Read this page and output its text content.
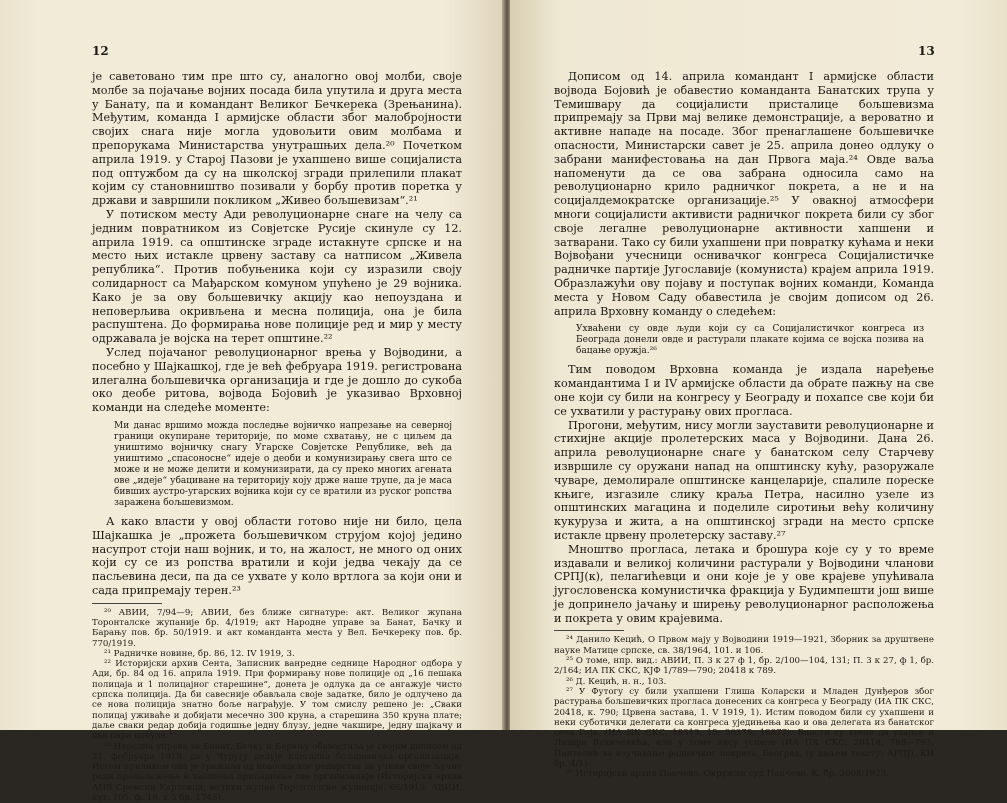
12

је саветовано тим пре што су, аналогно овој молби, своје молбе за појачање војних посада била упутила и друга места у Банату, па и командант Великог Бечкерека (Зрењанина). Међутим, команда I армијске области због малобројности својих снага није могла удовољити овим молбама и препорукама Министарства унутрашњих дела.²⁰ Почетком априла 1919. у Старој Пазови је ухапшено више социјалиста под оптужбом да су на школској згради прилепили плакат којим су становништво позивали у борбу против поретка у држави и завршили покликом „Живео бољшевизам“.²¹

У потиском месту Ади револуционарне снаге на челу са једним повратником из Совјетске Русије скинуле су 12. априла 1919. са општинске зграде истакнуте српске и на место њих истакле црвену заставу са натписом „Живела република“. Против побуњеника који су изразили своју солидарност са Мађарском комуном упућено је 29 војника. Како је за ову бољшевичку акцију као непоуздана и неповерљива окривљена и месна полиција, она је била распуштена. До формирања нове полиције ред и мир у месту одржавала је војска на терет општине.²²

Услед појачаног револуционарног врења у Војводини, а посебно у Шајкашкој, где је већ фебруара 1919. регистрована илегална бољшевичка организација и где је дошло до сукоба око деобе ритова, војвода Бојовић је указивао Врховној команди на следеће моменте:

Ми данас вршимо можда последње војничко напрезање на северној граници окупиране територије, по моме схватању, не с циљем да уништимо војничку снагу Угарске Совјетске Републике, већ да уништимо „спасоносне“ идеје о деоби и комунизирању свега што се може и не може делити и комунизирати, да су преко многих агената ове „идеје“ убациване на територију коју држе наше трупе, да је маса бивших аустро-угарских војника који су се вратили из руског ропства заражена бољшевизмом.

А како власти у овој области готово није ни било, цела Шајкашка је „прожета бољшевичком струјом којој једино насупрот стоји наш војник, и то, на жалост, не много од оних који су се из ропства вратили и који једва чекају да се пасљевина деси, па да се ухвате у коло вртлога за који они и сада припремају терен.²³

²⁰ АВИИ, 7/94—9; АВИИ, без ближе сигнатуре: акт. Великог жупана Торонталске жупаније бр. 4/1919; акт Народне управе за Банат, Бачку и Барању пов. бр. 50/1919. и акт команданта места у Вел. Бечкереку пов. бр. 770/1919.

²¹ Радничке новине, бр. 86, 12. IV 1919, 3.

²² Историјски архив Сента, Записник ванредне седнице Народног одбора у Ади, бр. 84 од 16. априла 1919. При формирању нове полиције од „16 пешака полицаја и 1 полицајног старешине“, донета је одлука да се ангажује чисто српска полиција. Да би савесније обављала своје задатке, било је одлучено да се нова полиција знатно боље награђује. У том смислу решено је: „Сваки полицај уживаће и добијати месечно 300 круна, а старешина 350 круна плате; даље сваки редар добија годишње једну блузу, једне чакшире, једну шајкачу и два пара цокула.“

²³ Народна управа за Банат, Бачку и Барању обавестила је својим дописом од 21. фебруара 1919. да у Чуругу делује илегална бољшевичка организација. Истом приликом она је тражила од новосадског редарства да учини своје ључно ради проналажења и хапшења припадника ове организације (Историјски архив АПВ Сремски Карловци, велики жупан Торонталске жупаније. 66/1919. АВИИ, кут. 105, ф. 19, к 5 бр. 1745).

13

Дописом од 14. априла командант I армијске области војвода Бојовић је обавестио команданта Банатских трупа у Темишвару да социјалисти присталице бољшевизма припремају за Први мај велике демонстрације, а вероватно и активне нападе на посаде. Због пренаглашене бољшевичке опасности, Министарски савет је 25. априла донео одлуку о забрани манифестовања на дан Првога маја.²⁴ Овде ваља напоменути да се ова забрана односила само на револуционарно крило радничког покрета, а не и на социјалдемократске организације.²⁵ У овакној атмосфери многи социјалисти активисти радничког покрета били су због своје легалне револуционарне активности хапшени и затварани. Тако су били ухапшени при повратку кућама и неки Војвођани учесници оснивачког конгреса Социјалистичке радничке партије Југославије (комуниста) крајем априла 1919. Образлажући ову појаву и поступак војних команди, Команда места у Новом Саду обавестила је својим дописом од 26. априла Врховну команду о следећем:

Ухваћени су овде људи који су са Социјалистичког конгреса из Београда донели овде и растурали плакате којима се војска позива на бацање оружја.²⁶

Тим поводом Врховна команда је издала наређење командантима I и IV армијске области да обрате пажњу на све оне који су били на конгресу у Београду и похапсе све који би се ухватили у растурању ових прогласа.

Прогони, међутим, нису могли зауставити револуционарне и стихијне акције пролетерских маса у Војводини. Дана 26. априла револуционарне снаге у банатском селу Старчеву извршиле су оружани напад на општинску кућу, разоружале чуваре, демолирале општинске канцеларије, спалиле пореске књиге, изгазиле слику краља Петра, насилно узеле из општинских магацина и поделиле сиротињи већу количину кукуруза и жита, а на општинској згради на место српске истакле црвену пролетерску заставу.²⁷

Мноштво прогласа, летака и брошура које су у то време издавали и великој количини растурали у Војводини чланови СРПЈ(к), пелагићевци и они које је у ове крајеве упућивала југословенска комунистичка фракција у Будимпешти још више је допринело јачању и ширењу револуционарног расположења и покрета у овим крајевима.

²⁴ Данило Кецић, О Првом мају у Војводини 1919—1921, Зборник за друштвене науке Матице српске, св. 38/1964, 101. и 106.

²⁵ О томе, нпр. вид.: АВИИ, П. 3 к 27 ф 1, бр. 2/100—104, 131; П. 3 к 27, ф 1, бр. 2/164; ИА ПК СКС, КЈФ 1/789—790; 20418 к 789.

²⁶ Д. Кецић, н. н., 103.

²⁷ У Футогу су били ухапшени Глиша Коларски и Младен Дунђеров због растурања бољшевичких прогласа донесених са конгреса у Београду (ИА ПК СКС, 20418, к. 790; Црвена застава, 1. V 1919, 1). Истим поводом били су ухапшени и неки суботички делегати са конгреса уједињења као и ова делегата из банатског села Гаја. (ИА ПК СКС, 18313, 15; 20375; 18877). Власти су хтеле да ухапсе и Лазара Вукичевића, али у томе нису успеле (ИА ПК СКС, 20418, 788—793; Пантелић за изучавање радничког покрета, Београд, (у даљем тексту: АРПЈ), КИ бр. 4/1).

²⁷ Историјски архив Панчево, Окружни суд Панчево, К. бр. 2008/1923.
